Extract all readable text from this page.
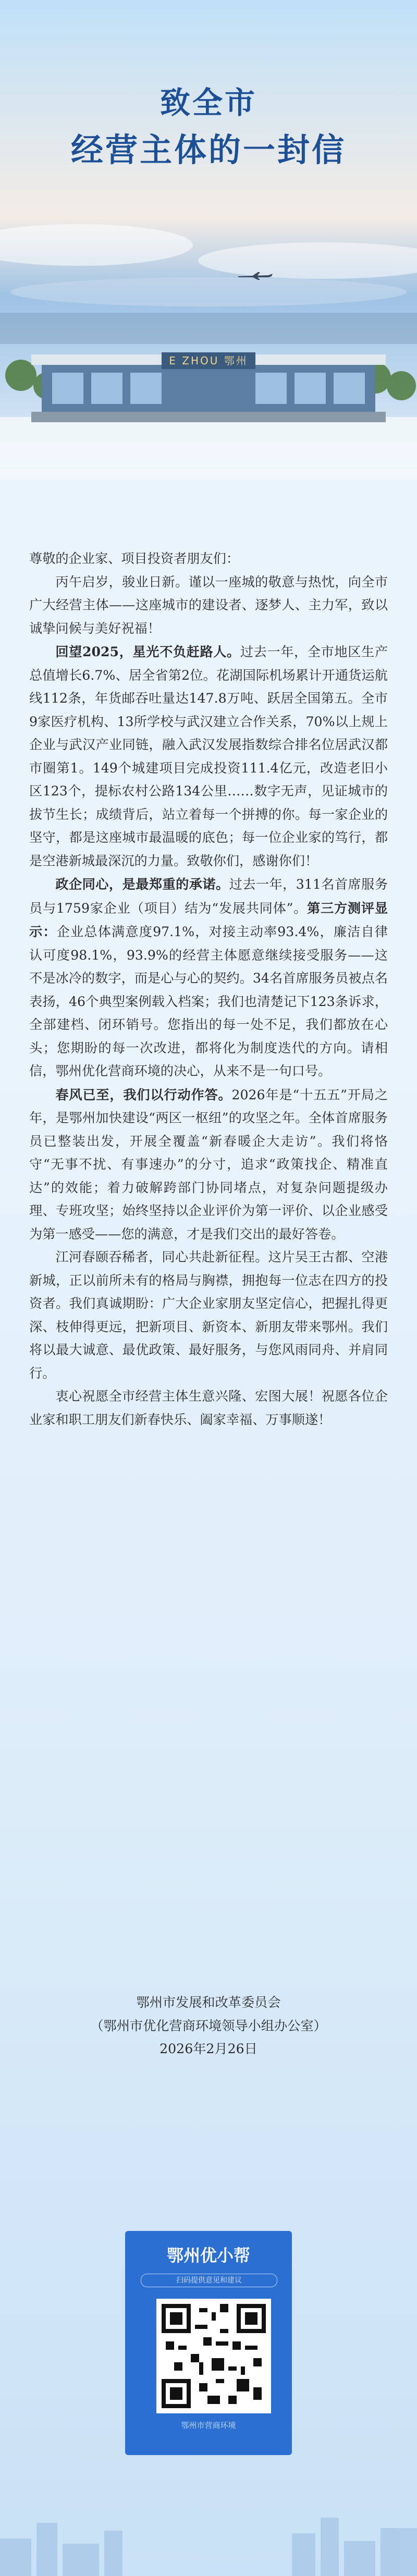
致全市
经营主体的一封信
E ZHOU 鄂州

尊敬的企业家、项目投资者朋友们：

丙午启岁，骏业日新。谨以一座城的敬意与热忱，向全市广大经营主体——这座城市的建设者、逐梦人、主力军，致以诚挚问候与美好祝福！

回望2025，星光不负赶路人。过去一年，全市地区生产总值增长6.7%、居全省第2位。花湖国际机场累计开通货运航线112条，年货邮吞吐量达147.8万吨、跃居全国第五。全市9家医疗机构、13所学校与武汉建立合作关系，70%以上规上企业与武汉产业同链，融入武汉发展指数综合排名位居武汉都市圈第1。149个城建项目完成投资111.4亿元，改造老旧小区123个，提标农村公路134公里……数字无声，见证城市的拔节生长；成绩背后，站立着每一个拼搏的你。每一家企业的坚守，都是这座城市最温暖的底色；每一位企业家的笃行，都是空港新城最深沉的力量。致敬你们，感谢你们！

政企同心，是最郑重的承诺。过去一年，311名首席服务员与1759家企业（项目）结为“发展共同体”。第三方测评显示：企业总体满意度97.1%，对接主动率93.4%，廉洁自律认可度98.1%，93.9%的经营主体愿意继续接受服务——这不是冰冷的数字，而是心与心的契约。34名首席服务员被点名表扬，46个典型案例载入档案；我们也清楚记下123条诉求，全部建档、闭环销号。您指出的每一处不足，我们都放在心头；您期盼的每一次改进，都将化为制度迭代的方向。请相信，鄂州优化营商环境的决心，从来不是一句口号。

春风已至，我们以行动作答。2026年是“十五五”开局之年，是鄂州加快建设“两区一枢纽”的攻坚之年。全体首席服务员已整装出发，开展全覆盖“新春暖企大走访”。我们将恪守“无事不扰、有事速办”的分寸，追求“政策找企、精准直达”的效能；着力破解跨部门协同堵点，对复杂问题提级办理、专班攻坚；始终坚持以企业评价为第一评价、以企业感受为第一感受——您的满意，才是我们交出的最好答卷。

江河春颐吞稀者，同心共赴新征程。这片吴王古都、空港新城，正以前所未有的格局与胸襟，拥抱每一位志在四方的投资者。我们真诚期盼：广大企业家朋友坚定信心，把握扎得更深、枝伸得更远，把新项目、新资本、新朋友带来鄂州。我们将以最大诚意、最优政策、最好服务，与您风雨同舟、并肩同行。

衷心祝愿全市经营主体生意兴隆、宏图大展！祝愿各位企业家和职工朋友们新春快乐、阖家幸福、万事顺遂！

鄂州市发展和改革委员会
（鄂州市优化营商环境领导小组办公室）
2026年2月26日
鄂州优小帮
扫码提供意见和建议
鄂州市营商环境
